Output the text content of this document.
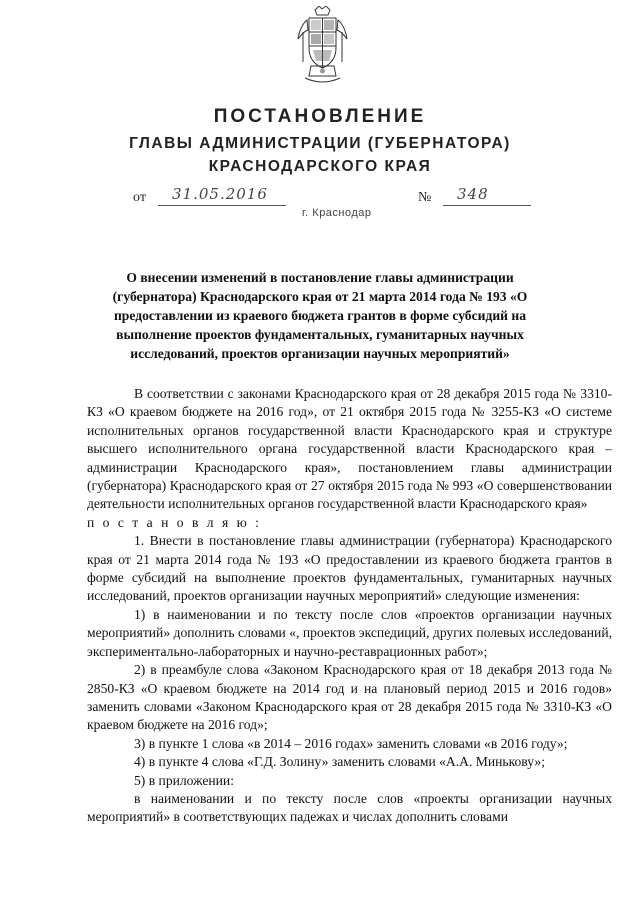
ПОСТАНОВЛЕНИЕ
ГЛАВЫ АДМИНИСТРАЦИИ (ГУБЕРНАТОРА)
КРАСНОДАРСКОГО КРАЯ
от 31.05.2016	№ 348
г. Краснодар
О внесении изменений в постановление главы администрации (губернатора) Краснодарского края от 21 марта 2014 года № 193 «О предоставлении из краевого бюджета грантов в форме субсидий на выполнение проектов фундаментальных, гуманитарных научных исследований, проектов организации научных мероприятий»

В соответствии с законами Краснодарского края от 28 декабря 2015 года № 3310-КЗ «О краевом бюджете на 2016 год», от 21 октября 2015 года № 3255-КЗ «О системе исполнительных органов государственной власти Краснодарского края и структуре высшего исполнительного органа государственной власти Краснодарского края – администрации Краснодарского края», постановлением главы администрации (губернатора) Краснодарского края от 27 октября 2015 года № 993 «О совершенствовании деятельности исполнительных органов государственной власти Краснодарского края»

п о с т а н о в л я ю :

1. Внести в постановление главы администрации (губернатора) Краснодарского края от 21 марта 2014 года № 193 «О предоставлении из краевого бюджета грантов в форме субсидий на выполнение проектов фундаментальных, гуманитарных научных исследований, проектов организации научных мероприятий» следующие изменения:

1) в наименовании и по тексту после слов «проектов организации научных мероприятий» дополнить словами «, проектов экспедиций, других полевых исследований, экспериментально-лабораторных и научно-реставрационных работ»;

2) в преамбуле слова «Законом Краснодарского края от 18 декабря 2013 года № 2850-КЗ «О краевом бюджете на 2014 год и на плановый период 2015 и 2016 годов» заменить словами «Законом Краснодарского края от 28 декабря 2015 года № 3310-КЗ «О краевом бюджете на 2016 год»;

3) в пункте 1 слова «в 2014 – 2016 годах» заменить словами «в 2016 году»;

4) в пункте 4 слова «Г.Д. Золину» заменить словами «А.А. Минькову»;

5) в приложении:

в наименовании и по тексту после слов «проекты организации научных мероприятий» в соответствующих падежах и числах дополнить словами
